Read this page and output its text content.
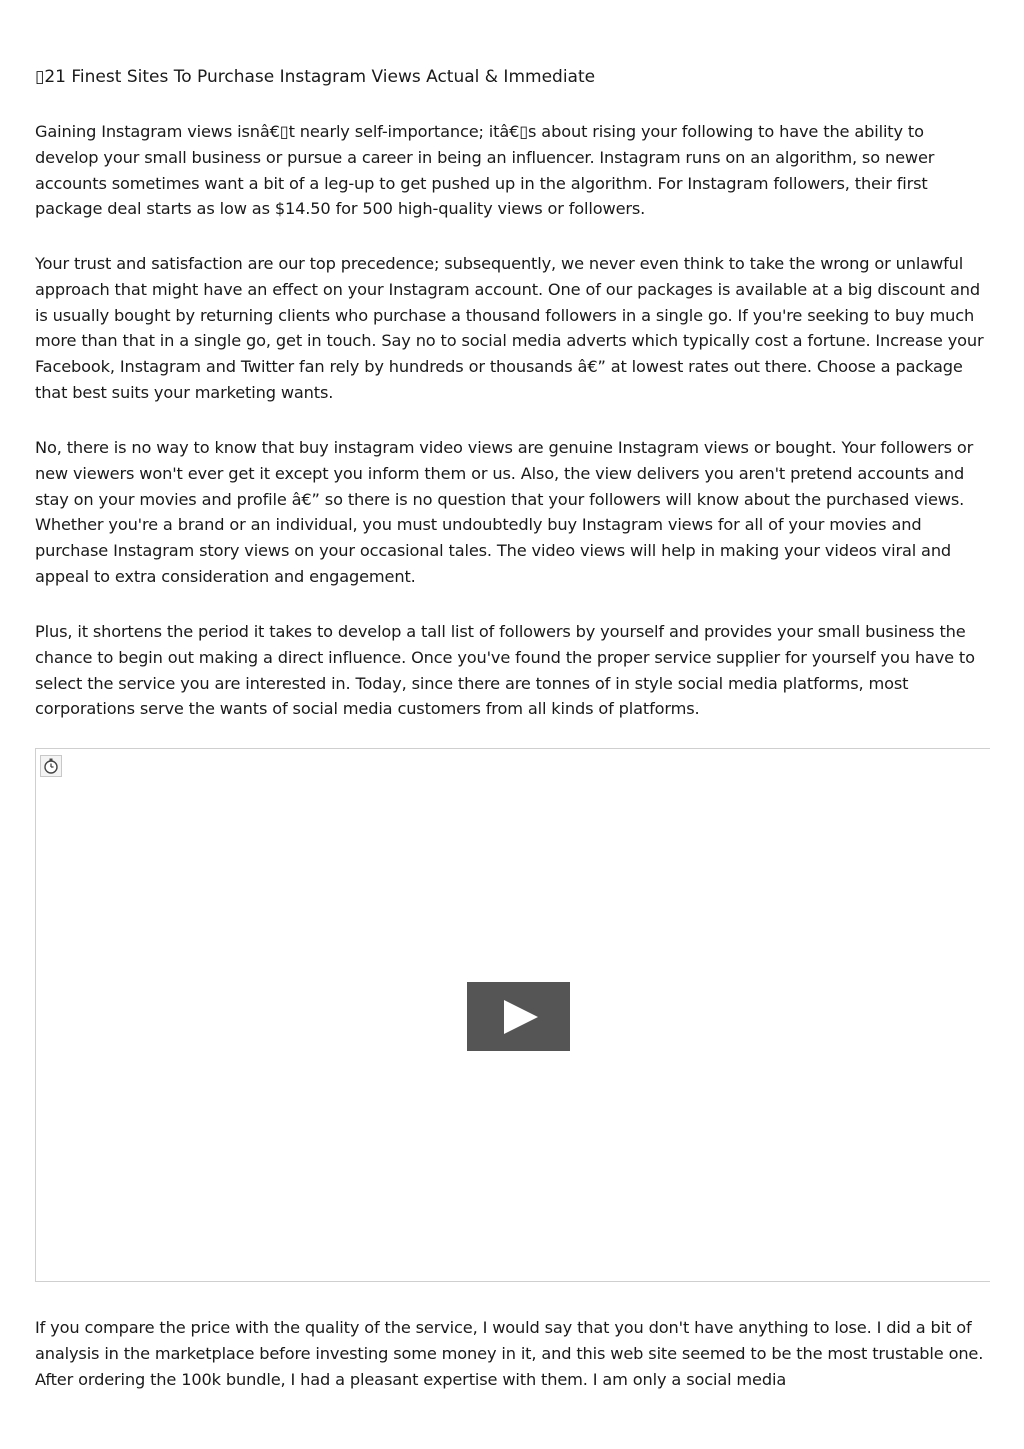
▯21 Finest Sites To Purchase Instagram Views Actual & Immediate

Gaining Instagram views isnâ€▯t nearly self-importance; itâ€▯s about rising your following to have the ability to develop your small business or pursue a career in being an influencer. Instagram runs on an algorithm, so newer accounts sometimes want a bit of a leg-up to get pushed up in the algorithm. For Instagram followers, their first package deal starts as low as $14.50 for 500 high-quality views or followers.

Your trust and satisfaction are our top precedence; subsequently, we never even think to take the wrong or unlawful approach that might have an effect on your Instagram account. One of our packages is available at a big discount and is usually bought by returning clients who purchase a thousand followers in a single go. If you're seeking to buy much more than that in a single go, get in touch. Say no to social media adverts which typically cost a fortune. Increase your Facebook, Instagram and Twitter fan rely by hundreds or thousands â€” at lowest rates out there. Choose a package that best suits your marketing wants.

No, there is no way to know that buy instagram video views are genuine Instagram views or bought. Your followers or new viewers won't ever get it except you inform them or us. Also, the view delivers you aren't pretend accounts and stay on your movies and profile â€” so there is no question that your followers will know about the purchased views. Whether you're a brand or an individual, you must undoubtedly buy Instagram views for all of your movies and purchase Instagram story views on your occasional tales. The video views will help in making your videos viral and appeal to extra consideration and engagement.

Plus, it shortens the period it takes to develop a tall list of followers by yourself and provides your small business the chance to begin out making a direct influence. Once you've found the proper service supplier for yourself you have to select the service you are interested in. Today, since there are tonnes of in style social media platforms, most corporations serve the wants of social media customers from all kinds of platforms.

If you compare the price with the quality of the service, I would say that you don't have anything to lose. I did a bit of analysis in the marketplace before investing some money in it, and this web site seemed to be the most trustable one. After ordering the 100k bundle, I had a pleasant expertise with them. I am only a social media
